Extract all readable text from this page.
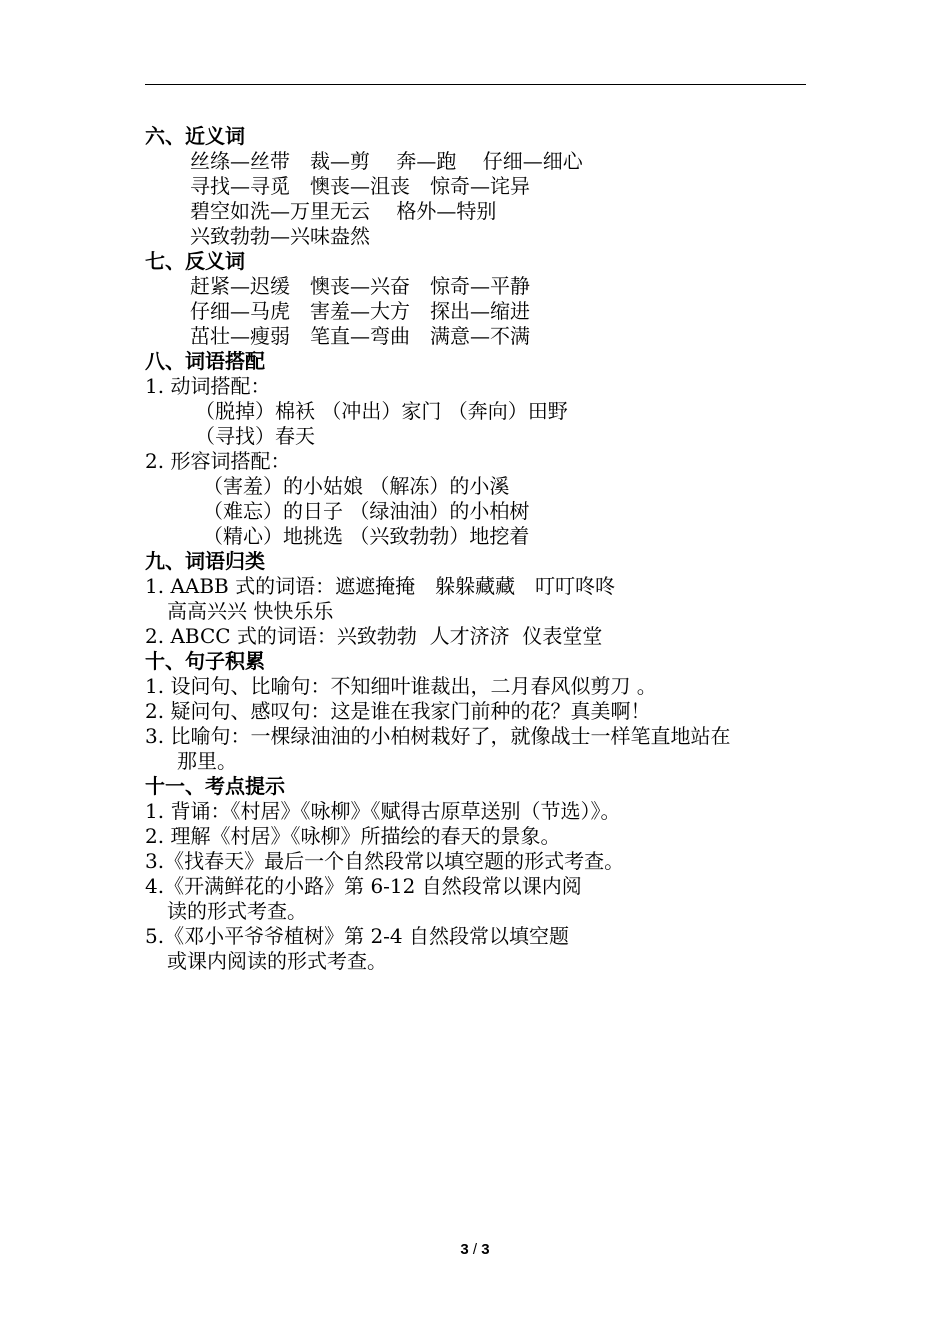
六、近义词
丝绦—丝带　裁—剪　 奔—跑　 仔细—细心
寻找—寻觅　懊丧—沮丧　惊奇—诧异
碧空如洗—万里无云　 格外—特别
兴致勃勃—兴味盎然
七、反义词
赶紧—迟缓　懊丧—兴奋　惊奇—平静
仔细—马虎　害羞—大方　探出—缩进
茁壮—瘦弱　笔直—弯曲　满意—不满
八、词语搭配
1. 动词搭配：
（脱掉）棉袄 （冲出）家门 （奔向）田野
（寻找）春天
2. 形容词搭配：
（害羞）的小姑娘 （解冻）的小溪
（难忘）的日子 （绿油油）的小柏树
（精心）地挑选 （兴致勃勃）地挖着
九、词语归类
1. AABB 式的词语：遮遮掩掩　躲躲藏藏　叮叮咚咚
高高兴兴 快快乐乐
2. ABCC 式的词语：兴致勃勃  人才济济  仪表堂堂
十、句子积累
1. 设问句、比喻句：不知细叶谁裁出，二月春风似剪刀 。
2. 疑问句、感叹句：这是谁在我家门前种的花？真美啊！
3. 比喻句：一棵绿油油的小柏树栽好了，就像战士一样笔直地站在
那里。
十一、考点提示
1. 背诵：《村居》《咏柳》《赋得古原草送别（节选）》。
2. 理解《村居》《咏柳》所描绘的春天的景象。
3.《找春天》最后一个自然段常以填空题的形式考查。
4.《开满鲜花的小路》第 6-12 自然段常以课内阅
读的形式考查。
5.《邓小平爷爷植树》第 2-4 自然段常以填空题
或课内阅读的形式考查。
3 / 3
